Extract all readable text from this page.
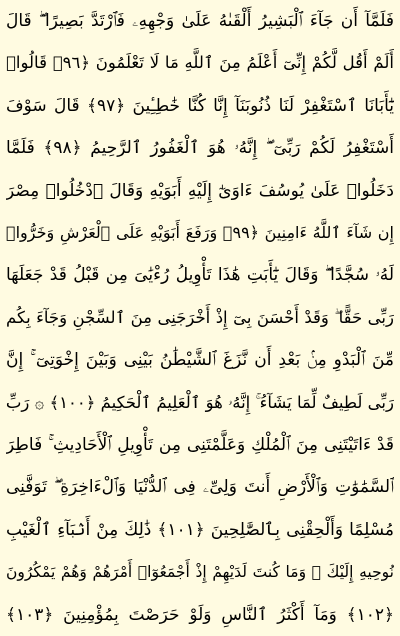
فَلَمَّآ أَن جَآءَ ٱلْبَشِيرُ أَلْقَىٰهُ عَلَىٰ وَجْهِهِۦ فَٱرْتَدَّ بَصِيرًا ۖ قَالَ
أَلَمْ أَقُل لَّكُمْ إِنِّىٓ أَعْلَمُ مِنَ ٱللَّهِ مَا لَا تَعْلَمُونَ ﴿٩٦﴾ قَالُوا۟
يَٰٓأَبَانَا ٱسْتَغْفِرْ لَنَا ذُنُوبَنَآ إِنَّا كُنَّا خَٰطِـِٔينَ ﴿٩٧﴾ قَالَ سَوْفَ
أَسْتَغْفِرُ لَكُمْ رَبِّىٓ ۖ إِنَّهُۥ هُوَ ٱلْغَفُورُ ٱلرَّحِيمُ ﴿٩٨﴾ فَلَمَّا
دَخَلُوا۟ عَلَىٰ يُوسُفَ ءَاوَىٰٓ إِلَيْهِ أَبَوَيْهِ وَقَالَ ٱدْخُلُوا۟ مِصْرَ
إِن شَآءَ ٱللَّهُ ءَامِنِينَ ﴿٩٩﴾ وَرَفَعَ أَبَوَيْهِ عَلَى ٱلْعَرْشِ وَخَرُّوا۟
لَهُۥ سُجَّدًا ۖ وَقَالَ يَٰٓأَبَتِ هَٰذَا تَأْوِيلُ رُءْيَٰىَ مِن قَبْلُ قَدْ جَعَلَهَا
رَبِّى حَقًّا ۖ وَقَدْ أَحْسَنَ بِىٓ إِذْ أَخْرَجَنِى مِنَ ٱلسِّجْنِ وَجَآءَ بِكُم
مِّنَ ٱلْبَدْوِ مِنۢ بَعْدِ أَن نَّزَغَ ٱلشَّيْطَٰنُ بَيْنِى وَبَيْنَ إِخْوَتِىٓ ۚ إِنَّ
رَبِّى لَطِيفٌ لِّمَا يَشَآءُ ۚ إِنَّهُۥ هُوَ ٱلْعَلِيمُ ٱلْحَكِيمُ ﴿١٠٠﴾ ۞ رَبِّ
قَدْ ءَاتَيْتَنِى مِنَ ٱلْمُلْكِ وَعَلَّمْتَنِى مِن تَأْوِيلِ ٱلْأَحَادِيثِ ۚ فَاطِرَ
ٱلسَّمَٰوَٰتِ وَٱلْأَرْضِ أَنتَ وَلِىِّۦ فِى ٱلدُّنْيَا وَٱلْءَاخِرَةِ ۖ تَوَفَّنِى
مُسْلِمًا وَأَلْحِقْنِى بِٱلصَّٰلِحِينَ ﴿١٠١﴾ ذَٰلِكَ مِنْ أَنۢبَآءِ ٱلْغَيْبِ
نُوحِيهِ إِلَيْكَ ۖ وَمَا كُنتَ لَدَيْهِمْ إِذْ أَجْمَعُوٓا۟ أَمْرَهُمْ وَهُمْ يَمْكُرُونَ
﴿١٠٢﴾ وَمَآ أَكْثَرُ ٱلنَّاسِ وَلَوْ حَرَصْتَ بِمُؤْمِنِينَ ﴿١٠٣﴾
